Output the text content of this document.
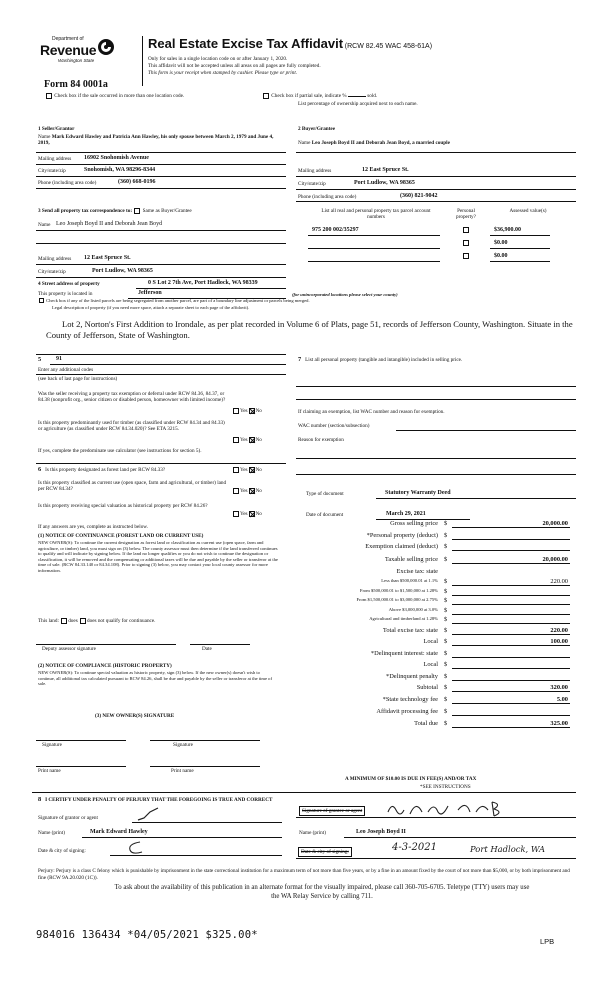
Department of
Revenue
Washington State
Form 84 0001a
Real Estate Excise Tax Affidavit (RCW 82.45 WAC 458-61A)
Only for sales in a single location code on or after January 1, 2020.
This affidavit will not be accepted unless all areas on all pages are fully completed.
This form is your receipt when stamped by cashier. Please type or print.
Check box if the sale occurred in more than one location code.	Check box if partial sale, indicate %	sold.
List percentage of ownership acquired next to each name.
1 Seller/Grantor
Name Mark Edward Hawley and Patricia Ann Hawley, his only spouse between March 2, 1979 and June 4, 2019,
Mailing address 16902 Snohomish Avenue
City/state/zip	Snohomish, WA 98296-8344
Phone (including area code)	(360) 668-0196
2 Buyer/Grantee
Name Leo Joseph Boyd II and Deborah Jean Boyd, a married couple
Mailing address	12 East Spruce St.
City/state/zip	Port Ludlow, WA 98365
Phone (including area code)	(360) 821-9042
3 Send all property tax correspondence to: Same as Buyer/Grantee
Name Leo Joseph Boyd II and Deborah Jean Boyd
Mailing address 12 East Spruce St.
City/state/zip	Port Ludlow, WA 98365
List all real and personal property tax parcel account numbers
Personal property?
Assessed value(s)
975 200 002/35297	$36,900.00
$0.00
$0.00
4 Street address of property	0 S Lot 2 7th Ave, Port Hadlock, WA 98339
This property is located in	Jefferson	(for unincorporated locations please select your county)
Check box if any of the listed parcels are being segregated from another parcel, are part of a boundary line adjustment or parcels being merged.
Legal description of property (if you need more space, attach a separate sheet to each page of the affidavit).
Lot 2, Norton's First Addition to Irondale, as per plat recorded in Volume 6 of Plats, page 51, records of Jefferson County, Washington. Situate in the County of Jefferson, State of Washington.
5 91
Enter any additional codes
(see back of last page for instructions)
Was the seller receiving a property tax exemption or deferral under RCW 84.36, 84.37, or 84.38 (nonprofit org., senior citizen or disabled person, homeowner with limited income)?
Yes No
Is this property predominantly used for timber (as classified under RCW 84.34 and 84.33) or agriculture (as classified under RCW 84.34.020)? See ETA 3215.
Yes No
If yes, complete the predominate use calculator (see instructions for section 5).
6 Is this property designated as forest land per RCW 84.33?	Yes No
Is this property classified as current use (open space, farm and agricultural, or timber) land per RCW 84.34?	Yes No
Is this property receiving special valuation as historical property per RCW 84.26?
Yes No
If any answers are yes, complete as instructed below.
(1) NOTICE OF CONTINUANCE (FOREST LAND OR CURRENT USE)
NEW OWNER(S): To continue the current designation as forest land or classification as current use (open space, farm and agriculture, or timber) land, you must sign on (3) below. The county assessor must then determine if the land transferred continues to qualify and will indicate by signing below. If the land no longer qualifies or you do not wish to continue the designation or classification, it will be removed and the compensating or additional taxes will be due and payable by the seller or transferor at the time of sale. (RCW 84.33.140 or 84.34.108). Prior to signing (3) below, you may contact your local county assessor for more information.
This land: does does not qualify for continuance.
Deputy assessor signature	Date
(2) NOTICE OF COMPLIANCE (HISTORIC PROPERTY)
NEW OWNER(S): To continue special valuation as historic property, sign (3) below. If the new owner(s) doesn't wish to continue, all additional tax calculated pursuant to RCW 84.26, shall be due and payable by the seller or transferor at the time of sale.
(3) NEW OWNER(S) SIGNATURE
Signature	Signature
Print name	Print name
7 List all personal property (tangible and intangible) included in selling price.
If claiming an exemption, list WAC number and reason for exemption.
WAC number (section/subsection)
Reason for exemption
Type of document	Statutory Warranty Deed
Date of document	March 29, 2021
Gross selling price $	20,000.00
*Personal property (deduct) $
Exemption claimed (deduct) $
Taxable selling price $	20,000.00
Excise tax: state
Less than $500,000.01 at 1.1% $	220.00
From $500,000.01 to $1,500,000 at 1.28% $
From $1,500,000.01 to $3,000,000 at 2.75% $
Above $3,000,000 at 3.0% $
Agricultural and timberland at 1.28% $
Total excise tax: state $	220.00
Local $	100.00
*Delinquent interest: state $
Local $
*Delinquent penalty $
Subtotal $	320.00
*State technology fee $	5.00
Affidavit processing fee $
Total due $	325.00
A MINIMUM OF $10.00 IS DUE IN FEE(S) AND/OR TAX
*SEE INSTRUCTIONS
8 I CERTIFY UNDER PENALTY OF PERJURY THAT THE FOREGOING IS TRUE AND CORRECT
Signature of grantor or agent
Signature of grantee or agent
Name (print)	Mark Edward Hawley	Name (print)	Leo Joseph Boyd II
Date & city of signing:	Date & city of signing:	4-3-2021	Port Hadlock, WA
Perjury: Perjury is a class C felony which is punishable by imprisonment in the state correctional institution for a maximum term of not more than five years, or by a fine in an amount fixed by the court of not more than $5,000, or by both imprisonment and fine (RCW 9A.20.020 (1C)).
To ask about the availability of this publication in an alternate format for the visually impaired, please call 360-705-6705. Teletype (TTY) users may use the WA Relay Service by calling 711.
984016 136434 *04/05/2021 $325.00*
LPB
